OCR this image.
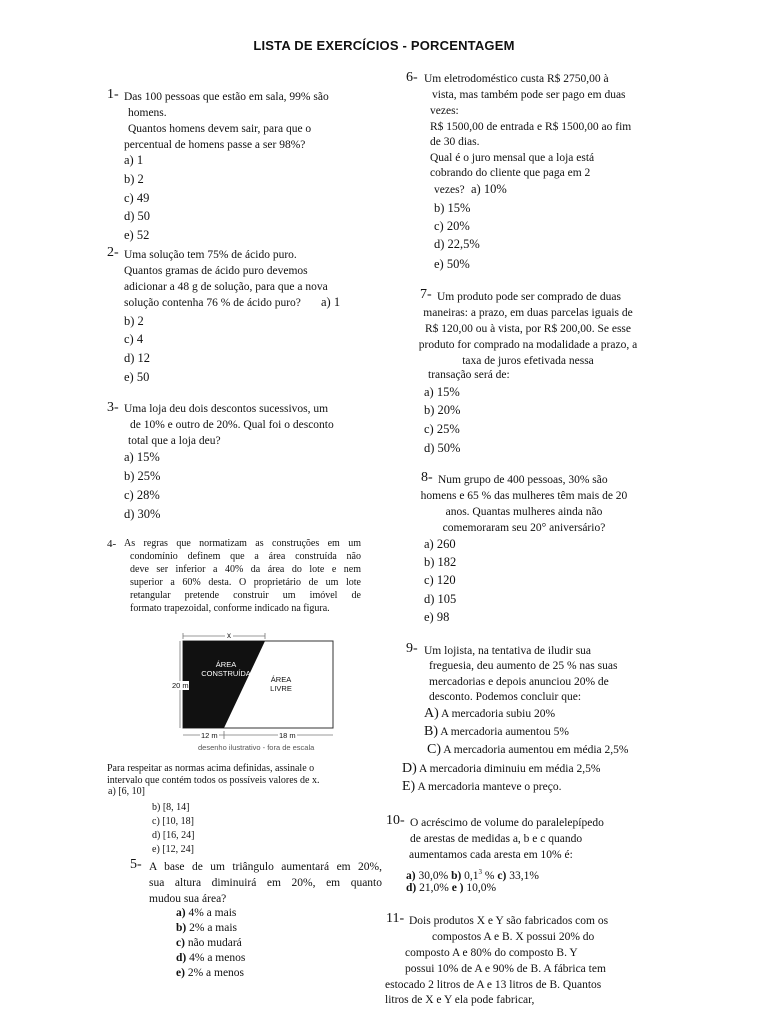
LISTA DE EXERCÍCIOS - PORCENTAGEM
1- Das 100 pessoas que estão em sala, 99% são
homens.
Quantos homens devem sair, para que o
percentual de homens passe a ser 98%?
a) 1
b) 2
c) 49
d) 50
e) 52
2- Uma solução tem 75% de ácido puro.
Quantos gramas de ácido puro devemos
adicionar a 48 g de solução, para que a nova
solução contenha 76 % de ácido puro? a) 1
b) 2
c) 4
d) 12
e) 50
3- Uma loja deu dois descontos sucessivos, um
de 10% e outro de 20%. Qual foi o desconto
total que a loja deu?
a) 15%
b) 25%
c) 28%
d) 30%
4- As regras que normatizam as construções em um
condomínio definem que a área construída não
deve ser inferior a 40% da área do lote e nem
superior a 60% desta. O proprietário de um lote
retangular pretende construir um imóvel de
formato trapezoidal, conforme indicado na figura.
x
ÁREA CONSTRUÍDA
ÁREA LIVRE
20 m
12 m	18 m
desenho ilustrativo - fora de escala
Para respeitar as normas acima definidas, assinale o
intervalo que contém todos os possíveis valores de x.
a) [6, 10]
b) [8, 14]
c) [10, 18]
d) [16, 24]
e) [12, 24]
5- A base de um triângulo aumentará em 20%,
sua altura diminuirá em 20%, em quanto
mudou sua área?
a) 4% a mais
b) 2% a mais
c) não mudará
d) 4% a menos
e) 2% a menos
6- Um eletrodoméstico custa R$ 2750,00 à
vista, mas também pode ser pago em duas
vezes:
R$ 1500,00 de entrada e R$ 1500,00 ao fim
de 30 dias.
Qual é o juro mensal que a loja está
cobrando do cliente que paga em 2
vezes? a) 10%
b) 15%
c) 20%
d) 22,5%
e) 50%
7- Um produto pode ser comprado de duas
maneiras: a prazo, em duas parcelas iguais de
R$ 120,00 ou à vista, por R$ 200,00. Se esse
produto for comprado na modalidade a prazo, a
taxa de juros efetivada nessa
transação será de:
a) 15%
b) 20%
c) 25%
d) 50%
8- Num grupo de 400 pessoas, 30% são
homens e 65 % das mulheres têm mais de 20
anos. Quantas mulheres ainda não
comemoraram seu 20° aniversário?
a) 260
b) 182
c) 120
d) 105
e) 98
9- Um lojista, na tentativa de iludir sua
freguesia, deu aumento de 25 % nas suas
mercadorias e depois anunciou 20% de
desconto. Podemos concluir que:
A) A mercadoria subiu 20%
B) A mercadoria aumentou 5%
C) A mercadoria aumentou em média 2,5%
D) A mercadoria diminuiu em média 2,5%
E) A mercadoria manteve o preço.
10- O acréscimo de volume do paralelepípedo
de arestas de medidas a, b e c quando
aumentamos cada aresta em 10% é:
a) 30,0% b) $0,1^3$ % c) 33,1%
d) 21,0% e ) 10,0%
11- Dois produtos X e Y são fabricados com os
compostos A e B. X possui 20% do
composto A e 80% do composto B. Y
possui 10% de A e 90% de B. A fábrica tem
estocado 2 litros de A e 13 litros de B. Quantos
litros de X e Y ela pode fabricar,
